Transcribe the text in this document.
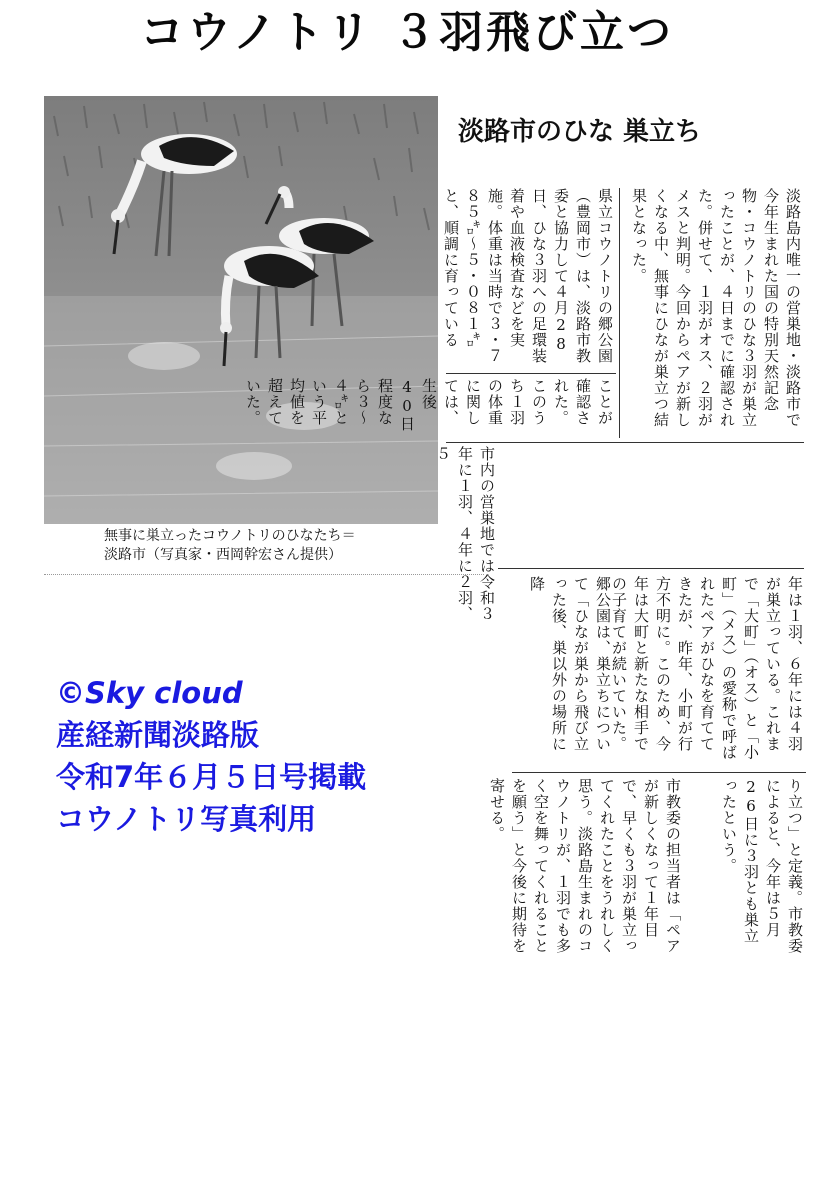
コウノトリ ３羽飛び立つ
無事に巣立ったコウノトリのひなたち＝
淡路市（写真家・西岡幹宏さん提供）
淡路市のひな 巣立ち
淡路島内唯一の営巣地・淡路市で今年生まれた国の特別天然記念物・コウノトリのひな３羽が巣立ったことが、４日までに確認された。併せて、１羽がオス、２羽がメスと判明。今回からペアが新しくなる中、無事にひなが巣立つ結果となった。
県立コウノトリの郷公園（豊岡市）は、淡路市教委と協力して４月28日、ひな３羽への足環装着や血液検査などを実施。体重は当時で３・７８５㌔～５・０８１㌔と、順調に育っている
ことが確認された。このうち１羽の体重に関しては、生後40日程度なら３～４㌔という平均値を超えていた。
市内の営巣地では令和３年に１羽、４年に２羽、５
年は１羽、６年には４羽が巣立っている。これまで「大町」（オス）と「小町」（メス）の愛称で呼ばれたペアがひなを育ててきたが、昨年、小町が行方不明に。このため、今年は大町と新たな相手での子育てが続いていた。
郷公園は、巣立ちについて「ひなが巣から飛び立った後、巣以外の場所に降
り立つ」と定義。市教委によると、今年は５月26日に３羽とも巣立ったという。
市教委の担当者は「ペアが新しくなって１年目で、早くも３羽が巣立ってくれたことをうれしく思う。淡路島生まれのコウノトリが、１羽でも多く空を舞ってくれることを願う」と今後に期待を寄せる。
©Sky cloud
産経新聞淡路版
令和7年６月５日号掲載
コウノトリ写真利用
